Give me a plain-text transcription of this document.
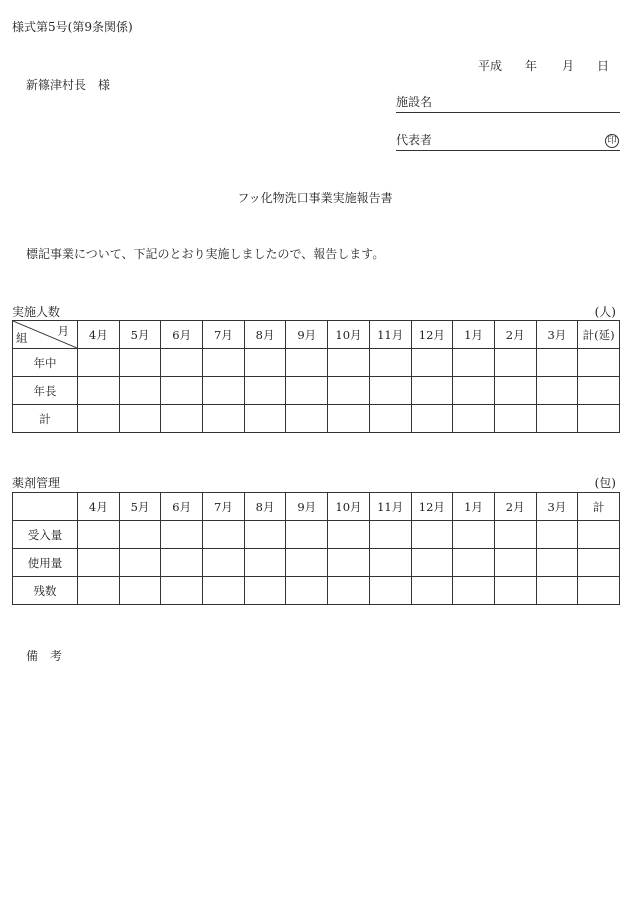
様式第5号(第9条関係)
平成 年 月 日
新篠津村長 様
施設名
代表者	印
フッ化物洗口事業実施報告書
標記事業について、下記のとおり実施しましたので、報告します。
実施人数	(人)
月
組	4月	5月	6月	7月	8月	9月	10月	11月	12月	1月	2月	3月	計(延)
年中													
年長													
計													
薬剤管理	(包)
	4月	5月	6月	7月	8月	9月	10月	11月	12月	1月	2月	3月	計
受入量													
使用量													
残数													
備　考
